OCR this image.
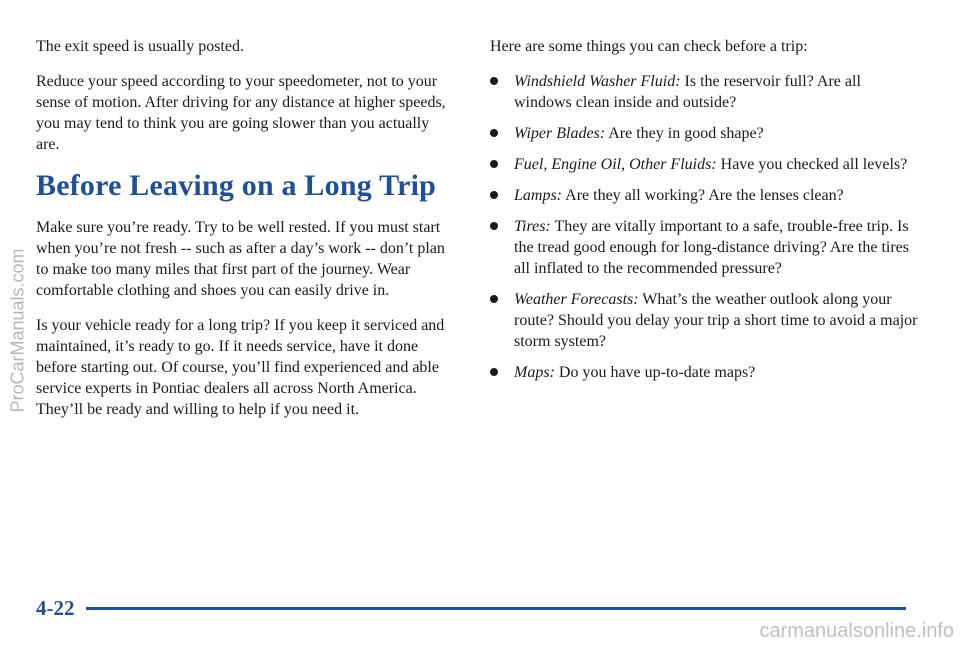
The exit speed is usually posted.

Reduce your speed according to your speedometer, not to your sense of motion. After driving for any distance at higher speeds, you may tend to think you are going slower than you actually are.

Before Leaving on a Long Trip

Make sure you’re ready. Try to be well rested. If you must start when you’re not fresh -- such as after a day’s work -- don’t plan to make too many miles that first part of the journey. Wear comfortable clothing and shoes you can easily drive in.

Is your vehicle ready for a long trip? If you keep it serviced and maintained, it’s ready to go. If it needs service, have it done before starting out. Of course, you’ll find experienced and able service experts in Pontiac dealers all across North America. They’ll be ready and willing to help if you need it.

Here are some things you can check before a trip:

Windshield Washer Fluid: Is the reservoir full? Are all windows clean inside and outside?
Wiper Blades: Are they in good shape?
Fuel, Engine Oil, Other Fluids: Have you checked all levels?
Lamps: Are they all working? Are the lenses clean?
Tires: They are vitally important to a safe, trouble-free trip. Is the tread good enough for long-distance driving? Are the tires all inflated to the recommended pressure?
Weather Forecasts: What’s the weather outlook along your route? Should you delay your trip a short time to avoid a major storm system?
Maps: Do you have up-to-date maps?
4-22
ProCarManuals.com
carmanualsonline.info
